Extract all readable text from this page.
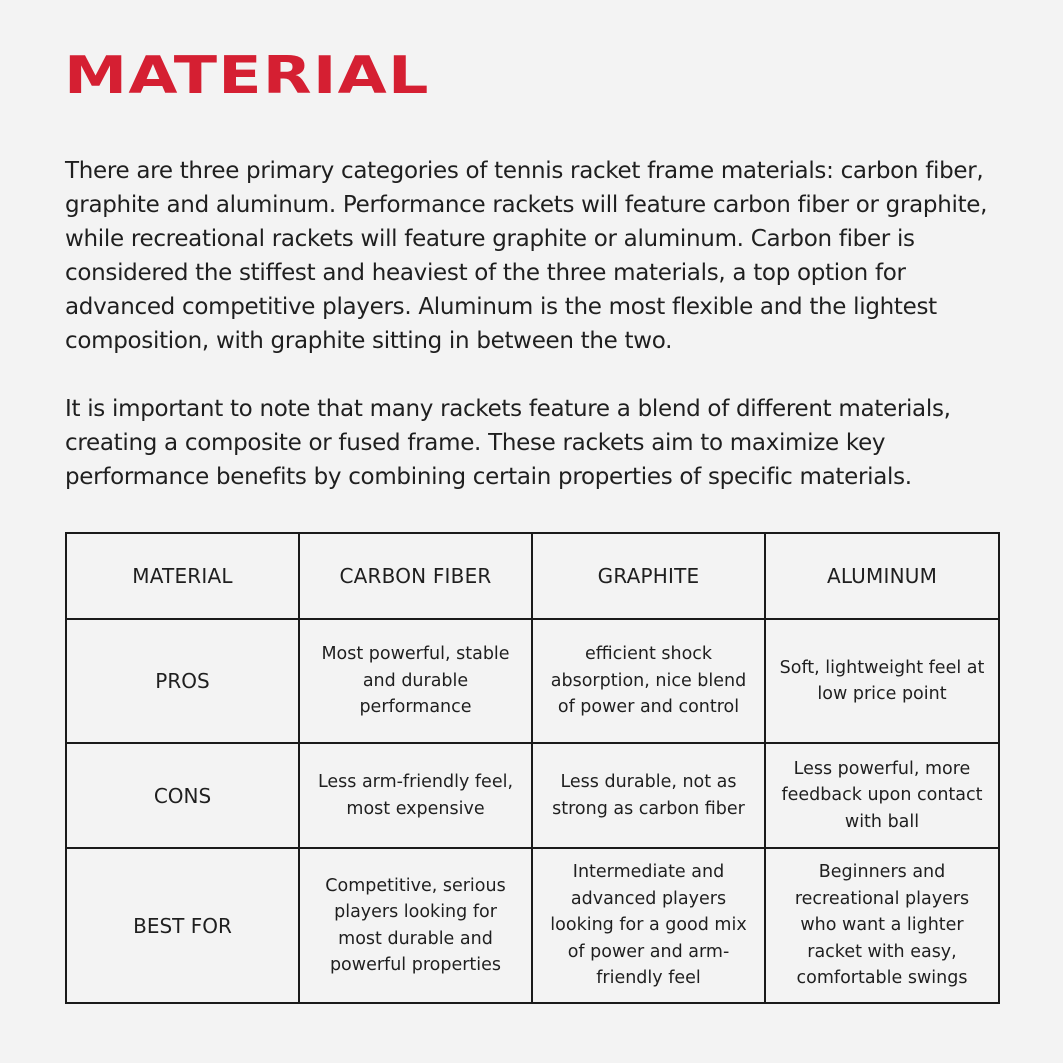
MATERIAL

There are three primary categories of tennis racket frame materials: carbon fiber, graphite and aluminum. Performance rackets will feature carbon fiber or graphite, while recreational rackets will feature graphite or aluminum. Carbon fiber is considered the stiffest and heaviest of the three materials, a top option for advanced competitive players. Aluminum is the most flexible and the lightest composition, with graphite sitting in between the two.

It is important to note that many rackets feature a blend of different materials, creating a composite or fused frame. These rackets aim to maximize key performance benefits by combining certain properties of specific materials.

MATERIAL	CARBON FIBER	GRAPHITE	ALUMINUM
PROS	Most powerful, stable and durable performance	efficient shock absorption, nice blend of power and control	Soft, lightweight feel at low price point
CONS	Less arm-friendly feel, most expensive	Less durable, not as strong as carbon fiber	Less powerful, more feedback upon contact with ball
BEST FOR	Competitive, serious players looking for most durable and powerful properties	Intermediate and advanced players looking for a good mix of power and arm-friendly feel	Beginners and recreational players who want a lighter racket with easy, comfortable swings
